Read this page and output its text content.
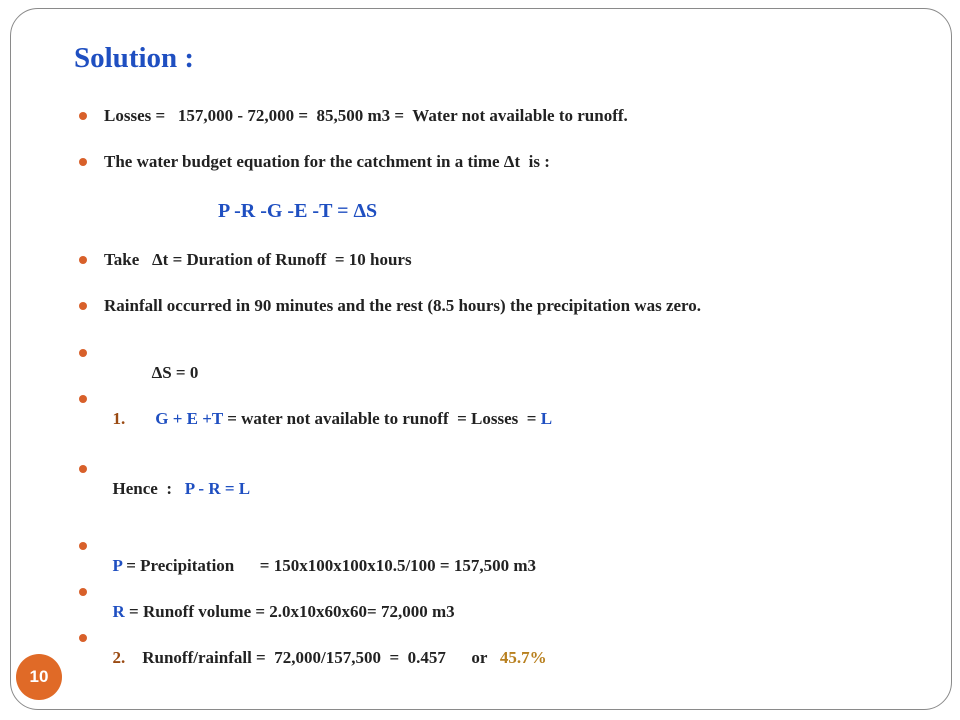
Solution :
Losses =   157,000 - 72,000 =  85,500 m3 =  Water not available to runoff.
The water budget equation for the catchment in a time Δt  is :
P -R -G -E -T = ΔS
Take   Δt = Duration of Runoff  = 10 hours
Rainfall occurred in 90 minutes and the rest (8.5 hours) the precipitation was zero.

ΔS = 0

1. G + E +T = water not available to runoff  = Losses  = L

Hence  :   P - R = L

P = Precipitation      = 150x100x100x10.5/100 = 157,500 m3

R = Runoff volume = 2.0x10x60x60= 72,000 m3

2.    Runoff/rainfall =  72,000/157,500  =  0.457      or   45.7%

10
